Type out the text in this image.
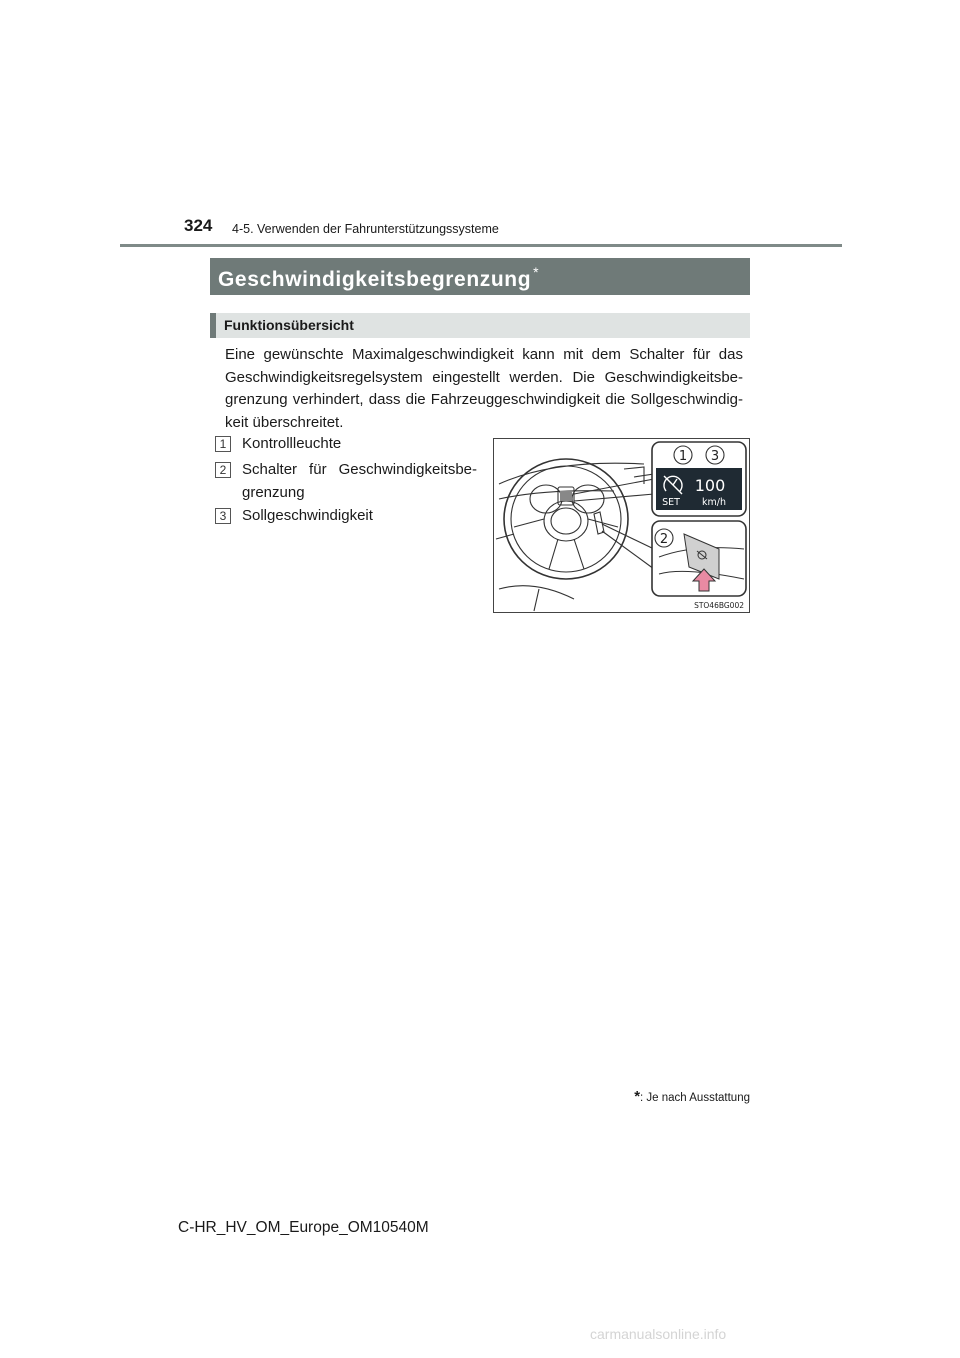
324 4-5. Verwenden der Fahrunterstützungssysteme
Geschwindigkeitsbegrenzung *
Funktionsübersicht

Eine gewünschte Maximalgeschwindigkeit kann mit dem Schalter für das Geschwindigkeitsregelsystem eingestellt werden. Die Geschwindigkeitsbe-grenzung verhindert, dass die Fahrzeuggeschwindigkeit die Sollgeschwindig-keit überschreitet.

1	Kontrollleuchte
2	Schalter für Geschwindigkeitsbe-grenzung
3	Sollgeschwindigkeit
1 3
100
SET km/h
2
STO46BG002
*: Je nach Ausstattung
C-HR_HV_OM_Europe_OM10540M
carmanualsonline.info
